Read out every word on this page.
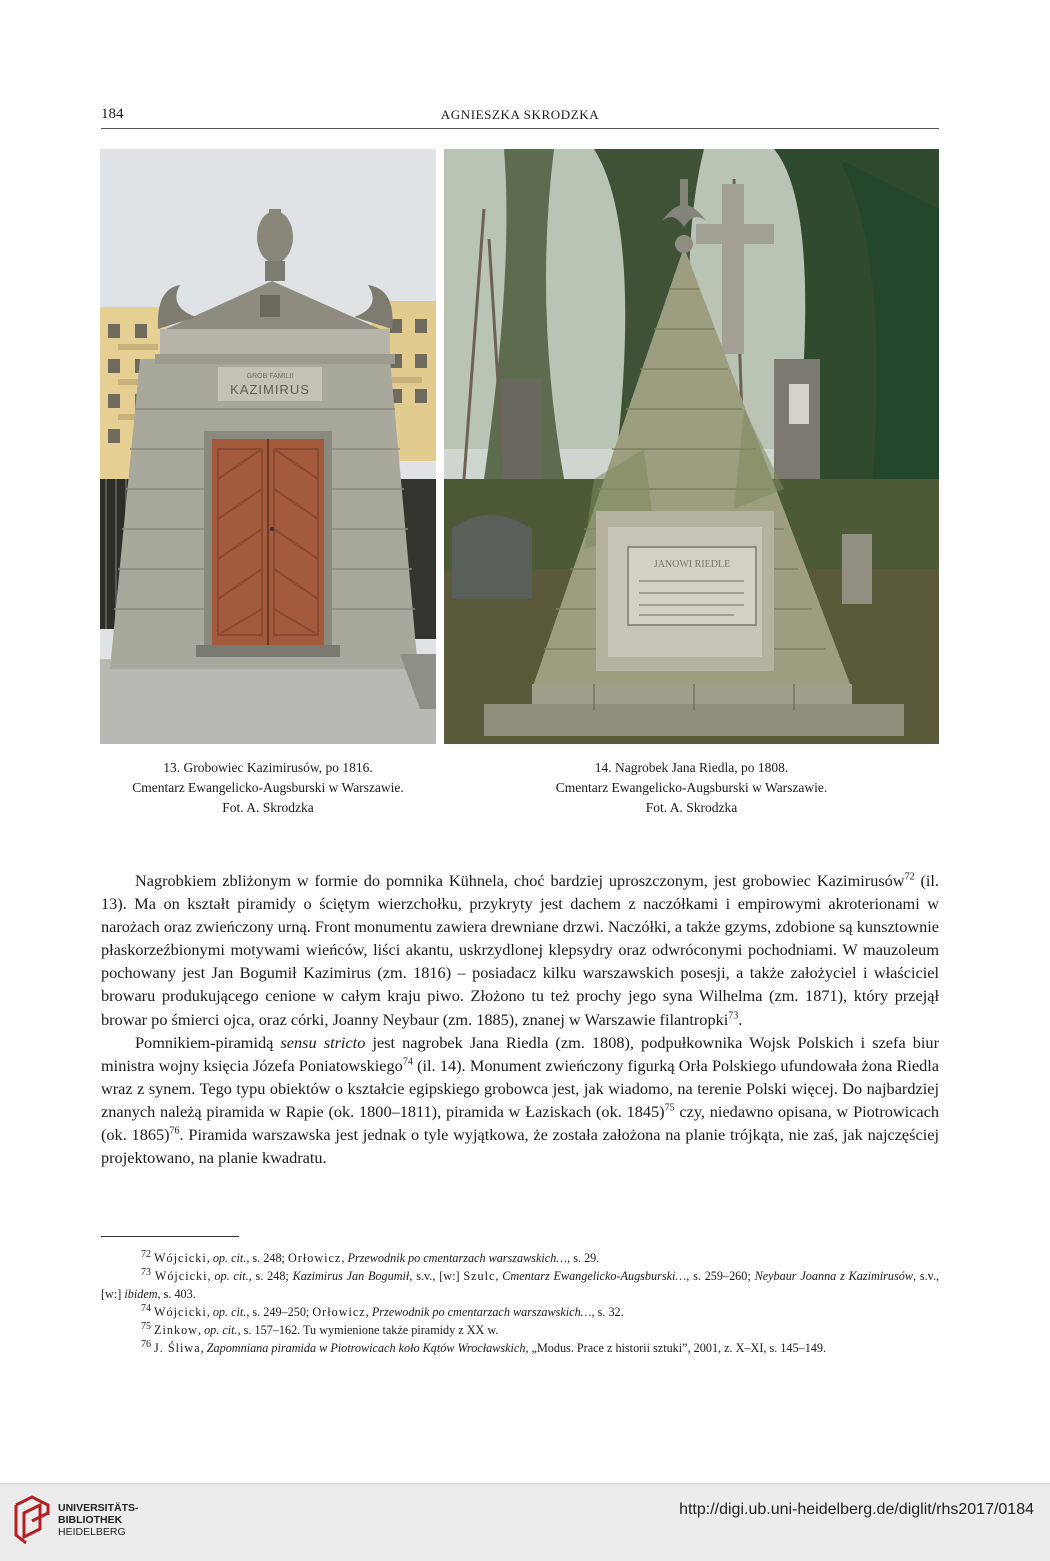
184	AGNIESZKA SKRODZKA
GRÓB FAMILII
KAZIMIRUS
JANOWI RIEDLE
13. Grobowiec Kazimirusów, po 1816.
Cmentarz Ewangelicko-Augsburski w Warszawie.
Fot. A. Skrodzka
14. Nagrobek Jana Riedla, po 1808.
Cmentarz Ewangelicko-Augsburski w Warszawie.
Fot. A. Skrodzka

Nagrobkiem zbliżonym w formie do pomnika Kühnela, choć bardziej uproszczonym, jest grobowiec Kazimirusów$^{72}$ (il. 13). Ma on kształt piramidy o ściętym wierzchołku, przykryty jest dachem z naczółkami i empirowymi akroterionami w narożach oraz zwieńczony urną. Front monumentu zawiera drewniane drzwi. Naczółki, a także gzyms, zdobione są kunsztownie płaskorzeźbionymi motywami wieńców, liści akantu, uskrzydlonej klepsydry oraz odwróconymi pochodniami. W mauzoleum pochowany jest Jan Bogumił Kazimirus (zm. 1816) – posiadacz kilku warszawskich posesji, a także założyciel i właściciel browaru produkującego cenione w całym kraju piwo. Złożono tu też prochy jego syna Wilhelma (zm. 1871), który przejął browar po śmierci ojca, oraz córki, Joanny Neybaur (zm. 1885), znanej w Warszawie filantropki$^{73}$.

Pomnikiem-piramidą sensu stricto jest nagrobek Jana Riedla (zm. 1808), podpułkownika Wojsk Polskich i szefa biur ministra wojny księcia Józefa Poniatowskiego$^{74}$ (il. 14). Monument zwieńczony figurką Orła Polskiego ufundowała żona Riedla wraz z synem. Tego typu obiektów o kształcie egipskiego grobowca jest, jak wiadomo, na terenie Polski więcej. Do najbardziej znanych należą piramida w Rapie (ok. 1800–1811), piramida w Łaziskach (ok. 1845)$^{75}$ czy, niedawno opisana, w Piotrowicach (ok. 1865)$^{76}$. Piramida warszawska jest jednak o tyle wyjątkowa, że została założona na planie trójkąta, nie zaś, jak najczęściej projektowano, na planie kwadratu.

$^{72}$ Wójcicki, op. cit., s. 248; Orłowicz, Przewodnik po cmentarzach warszawskich…, s. 29.

$^{73}$ Wójcicki, op. cit., s. 248; Kazimirus Jan Bogumił, s.v., [w:] Szulc, Cmentarz Ewangelicko-Augsburski…, s. 259–260; Neybaur Joanna z Kazimirusów, s.v., [w:] ibidem, s. 403.

$^{74}$ Wójcicki, op. cit., s. 249–250; Orłowicz, Przewodnik po cmentarzach warszawskich…, s. 32.

$^{75}$ Zinkow, op. cit., s. 157–162. Tu wymienione także piramidy z XX w.

$^{76}$ J. Śliwa, Zapomniana piramida w Piotrowicach koło Kątów Wrocławskich, „Modus. Prace z historii sztuki”, 2001, z. X–XI, s. 145–149.

UNIVERSITÄTS-
BIBLIOTHEK
HEIDELBERG
http://digi.ub.uni-heidelberg.de/diglit/rhs2017/0184
